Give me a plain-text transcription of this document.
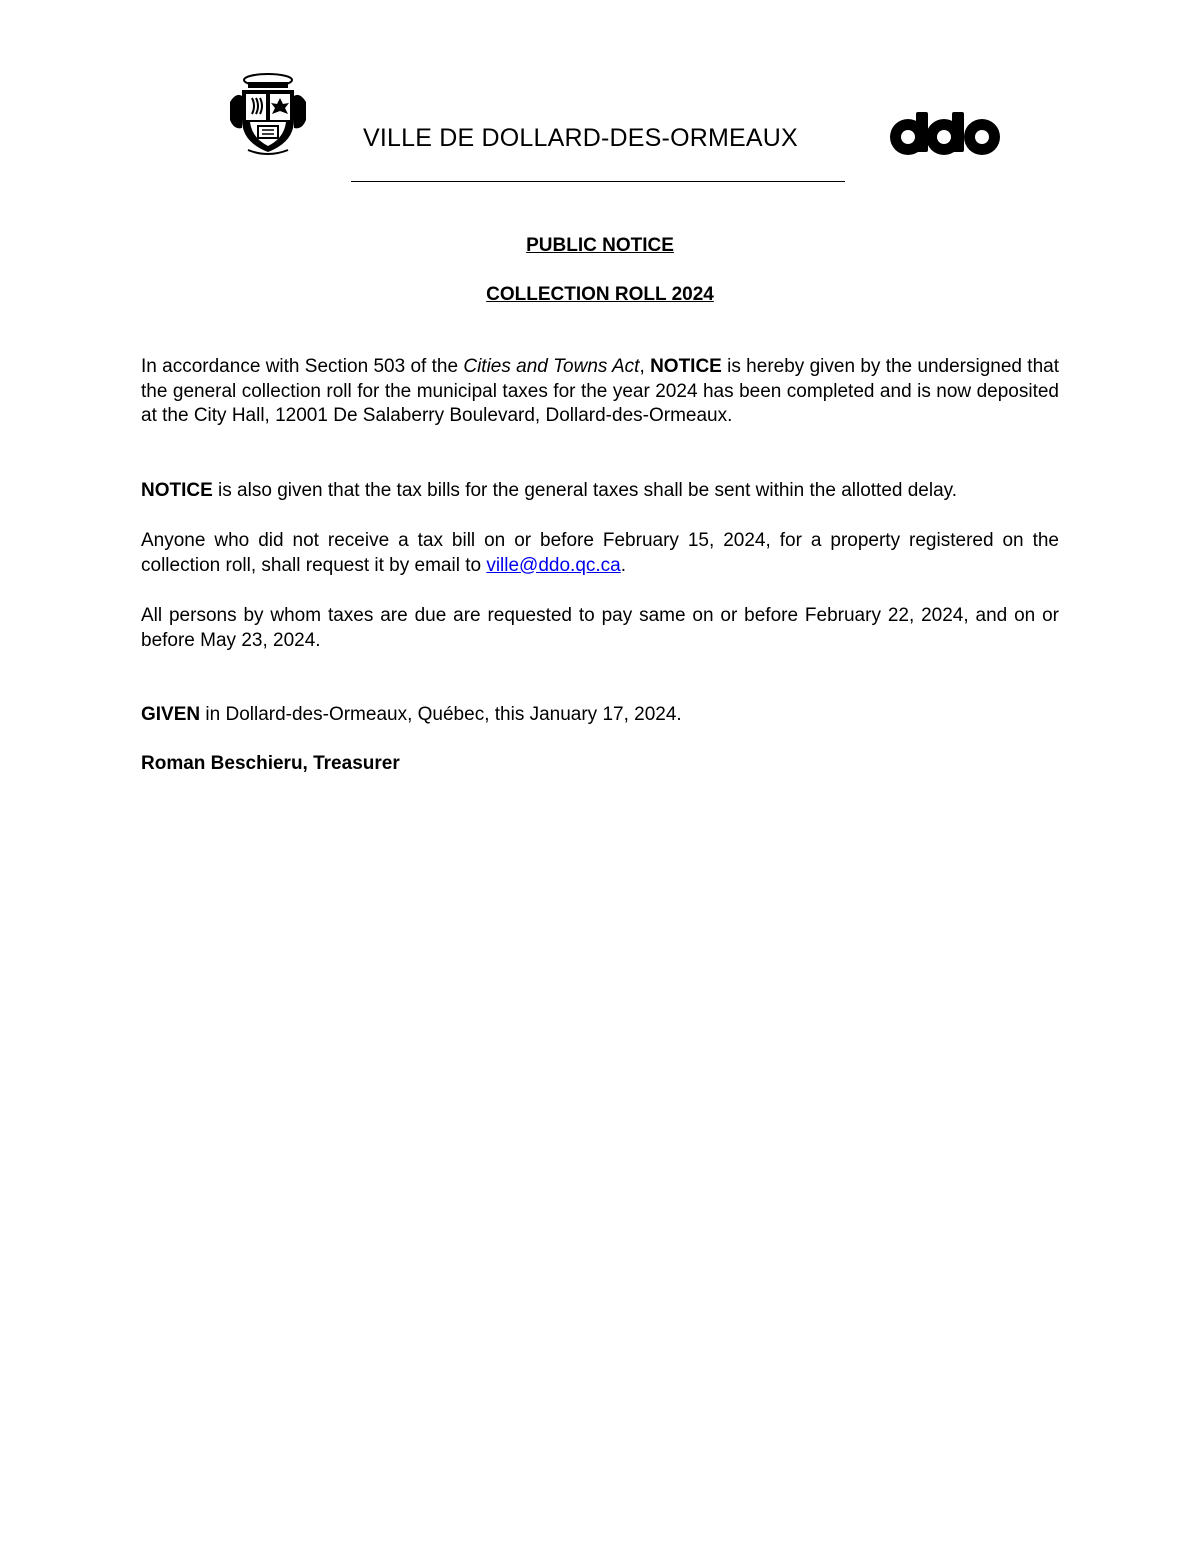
VILLE DE DOLLARD-DES-ORMEAUX
PUBLIC NOTICE
COLLECTION ROLL 2024
In accordance with Section 503 of the Cities and Towns Act, NOTICE is hereby given by the undersigned that the general collection roll for the municipal taxes for the year 2024 has been completed and is now deposited at the City Hall, 12001 De Salaberry Boulevard, Dollard-des-Ormeaux.
NOTICE is also given that the tax bills for the general taxes shall be sent within the allotted delay.
Anyone who did not receive a tax bill on or before February 15, 2024, for a property registered on the collection roll, shall request it by email to ville@ddo.qc.ca.
All persons by whom taxes are due are requested to pay same on or before February 22, 2024, and on or before May 23, 2024.
GIVEN in Dollard-des-Ormeaux, Québec, this January 17, 2024.
Roman Beschieru, Treasurer
